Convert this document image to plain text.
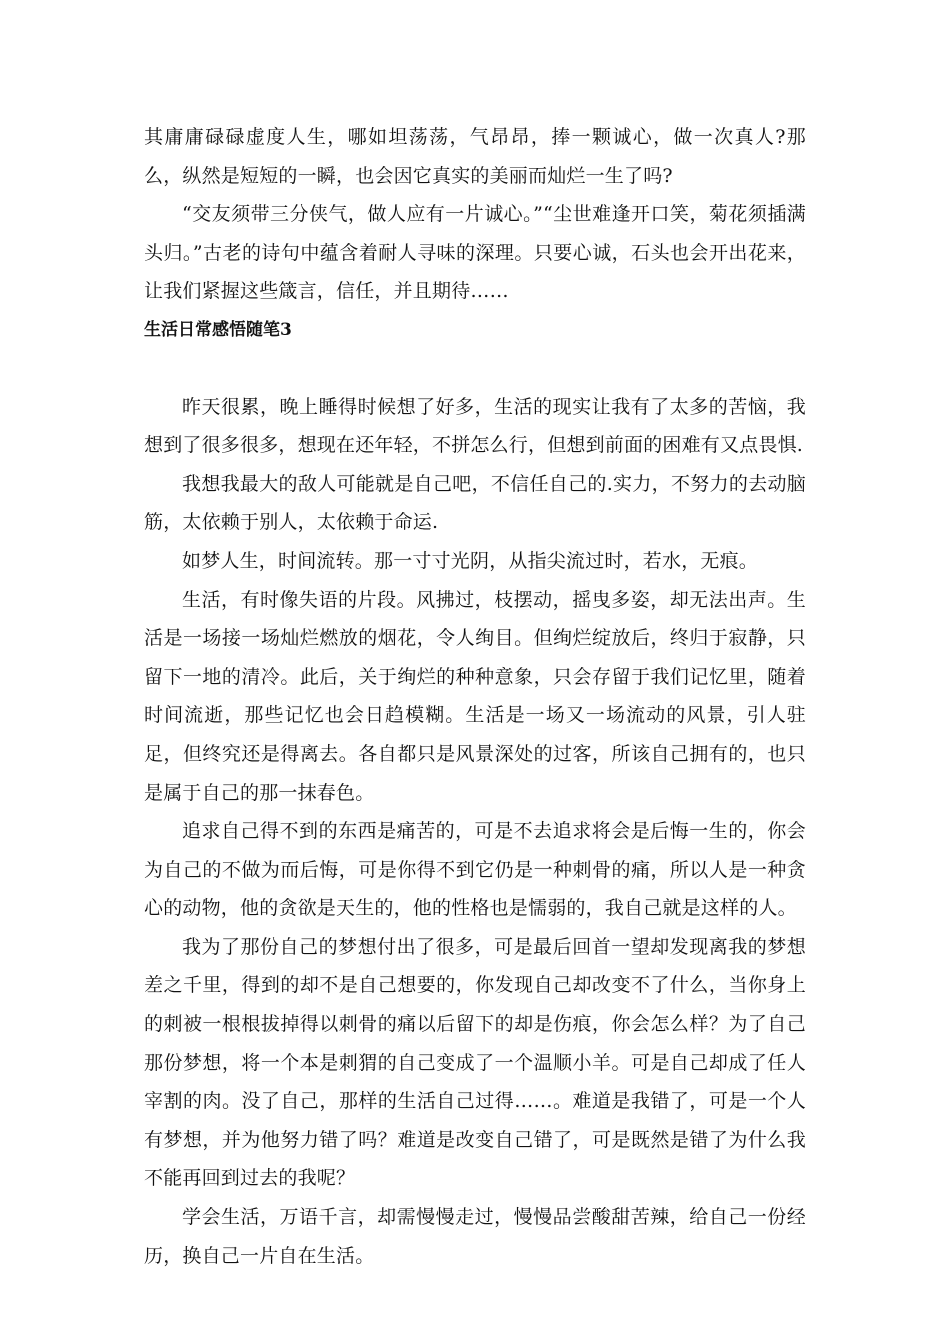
其庸庸碌碌虚度人生，哪如坦荡荡，气昂昂，捧一颗诚心，做一次真人?那么，纵然是短短的一瞬，也会因它真实的美丽而灿烂一生了吗?

“交友须带三分侠气，做人应有一片诚心。”“尘世难逢开口笑，菊花须插满头归。”古老的诗句中蕴含着耐人寻味的深理。只要心诚，石头也会开出花来，让我们紧握这些箴言，信任，并且期待……

生活日常感悟随笔3

昨天很累，晚上睡得时候想了好多，生活的现实让我有了太多的苦恼，我想到了很多很多，想现在还年轻，不拼怎么行，但想到前面的困难有又点畏惧.

我想我最大的敌人可能就是自己吧，不信任自己的.实力，不努力的去动脑筋，太依赖于别人，太依赖于命运.

如梦人生，时间流转。那一寸寸光阴，从指尖流过时，若水，无痕。

生活，有时像失语的片段。风拂过，枝摆动，摇曳多姿，却无法出声。生活是一场接一场灿烂燃放的烟花，令人绚目。但绚烂绽放后，终归于寂静，只留下一地的清冷。此后，关于绚烂的种种意象，只会存留于我们记忆里，随着时间流逝，那些记忆也会日趋模糊。生活是一场又一场流动的风景，引人驻足，但终究还是得离去。各自都只是风景深处的过客，所该自己拥有的，也只是属于自己的那一抹春色。

追求自己得不到的东西是痛苦的，可是不去追求将会是后悔一生的，你会为自己的不做为而后悔，可是你得不到它仍是一种刺骨的痛，所以人是一种贪心的动物，他的贪欲是天生的，他的性格也是懦弱的，我自己就是这样的人。

我为了那份自己的梦想付出了很多，可是最后回首一望却发现离我的梦想差之千里，得到的却不是自己想要的，你发现自己却改变不了什么，当你身上的刺被一根根拔掉得以刺骨的痛以后留下的却是伤痕，你会怎么样？为了自己那份梦想，将一个本是刺猬的自己变成了一个温顺小羊。可是自己却成了任人宰割的肉。没了自己，那样的生活自己过得……。难道是我错了，可是一个人有梦想，并为他努力错了吗？难道是改变自己错了，可是既然是错了为什么我不能再回到过去的我呢？

学会生活，万语千言，却需慢慢走过，慢慢品尝酸甜苦辣，给自己一份经历，换自己一片自在生活。
